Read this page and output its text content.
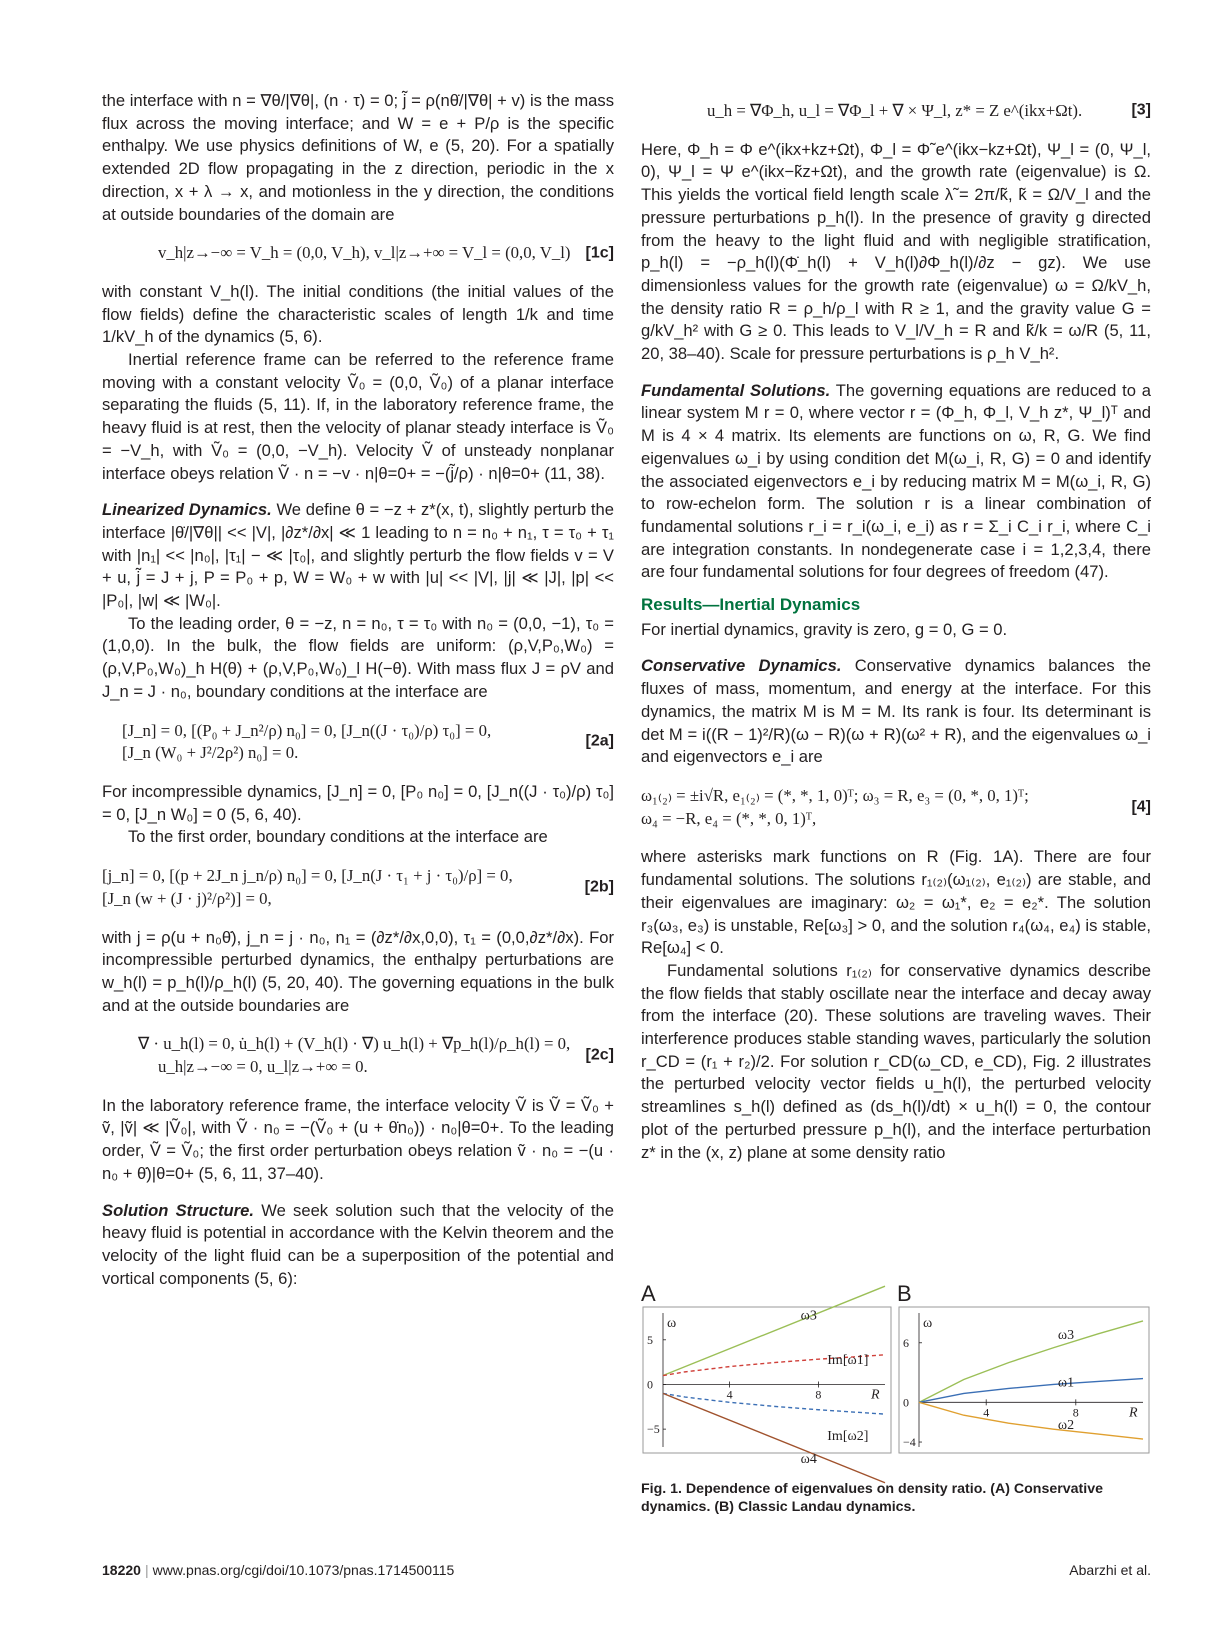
the interface with n = ∇θ/|∇θ|, (n · τ) = 0; j̃ = ρ(nθ̇/|∇θ| + v) is the mass flux across the moving interface; and W = e + P/ρ is the specific enthalpy. We use physics definitions of W, e (5, 20). For a spatially extended 2D flow propagating in the z direction, periodic in the x direction, x + λ → x, and motionless in the y direction, the conditions at outside boundaries of the domain are

v_h|z→−∞ = V_h = (0,0, V_h), v_l|z→+∞ = V_l = (0,0, V_l) [1c]

with constant V_h(l). The initial conditions (the initial values of the flow fields) define the characteristic scales of length 1/k and time 1/kV_h of the dynamics (5, 6).

Inertial reference frame can be referred to the reference frame moving with a constant velocity Ṽ₀ = (0,0, Ṽ₀) of a planar interface separating the fluids (5, 11). If, in the laboratory reference frame, the heavy fluid is at rest, then the velocity of planar steady interface is Ṽ₀ = −V_h, with Ṽ₀ = (0,0, −V_h). Velocity Ṽ of unsteady nonplanar interface obeys relation Ṽ · n = −v · n|θ=0+ = −(j̃/ρ) · n|θ=0+ (11, 38).

Linearized Dynamics. We define θ = −z + z*(x, t), slightly perturb the interface |θ̇/|∇θ|| << |V|, |∂z*/∂x| ≪ 1 leading to n = n₀ + n₁, τ = τ₀ + τ₁ with |n₁| << |n₀|, |τ₁| − ≪ |τ₀|, and slightly perturb the flow fields v = V + u, j̃ = J + j, P = P₀ + p, W = W₀ + w with |u| << |V|, |j| ≪ |J|, |p| << |P₀|, |w| ≪ |W₀|.

To the leading order, θ = −z, n = n₀, τ = τ₀ with n₀ = (0,0, −1), τ₀ = (1,0,0). In the bulk, the flow fields are uniform: (ρ,V,P₀,W₀) = (ρ,V,P₀,W₀)_h H(θ) + (ρ,V,P₀,W₀)_l H(−θ). With mass flux J = ρV and J_n = J · n₀, boundary conditions at the interface are

[J_n] = 0, [(P₀ + J_n²/ρ) n₀] = 0, [J_n((J · τ₀)/ρ) τ₀] = 0,
[J_n (W₀ + J²/2ρ²) n₀] = 0.
[2a]

For incompressible dynamics, [J_n] = 0, [P₀ n₀] = 0, [J_n((J · τ₀)/ρ) τ₀] = 0, [J_n W₀] = 0 (5, 6, 40).

To the first order, boundary conditions at the interface are

[j_n] = 0, [(p + 2J_n j_n/ρ) n₀] = 0, [J_n(J · τ₁ + j · τ₀)/ρ] = 0,
[J_n (w + (J · j)²/ρ²)] = 0,
[2b]

with j = ρ(u + n₀θ̇), j_n = j · n₀, n₁ = (∂z*/∂x,0,0), τ₁ = (0,0,∂z*/∂x). For incompressible perturbed dynamics, the enthalpy perturbations are w_h(l) = p_h(l)/ρ_h(l) (5, 20, 40). The governing equations in the bulk and at the outside boundaries are

∇ · u_h(l) = 0, u̇_h(l) + (V_h(l) · ∇) u_h(l) + ∇p_h(l)/ρ_h(l) = 0,
u_h|z→−∞ = 0, u_l|z→+∞ = 0.
[2c]

In the laboratory reference frame, the interface velocity Ṽ is Ṽ = Ṽ₀ + ṽ, |ṽ| ≪ |Ṽ₀|, with Ṽ · n₀ = −(Ṽ₀ + (u + θ̇n₀)) · n₀|θ=0+. To the leading order, Ṽ = Ṽ₀; the first order perturbation obeys relation ṽ · n₀ = −(u · n₀ + θ̇)|θ=0+ (5, 6, 11, 37–40).

Solution Structure. We seek solution such that the velocity of the heavy fluid is potential in accordance with the Kelvin theorem and the velocity of the light fluid can be a superposition of the potential and vortical components (5, 6):

u_h = ∇Φ_h, u_l = ∇Φ_l + ∇ × Ψ_l, z* = Z e^(ikx+Ωt).	[3]

Here, Φ_h = Φ e^(ikx+kz+Ωt), Φ_l = Φ̃ e^(ikx−kz+Ωt), Ψ_l = (0, Ψ_l, 0), Ψ_l = Ψ e^(ikx−k̃z+Ωt), and the growth rate (eigenvalue) is Ω. This yields the vortical field length scale λ̃ = 2π/k̃, k̃ = Ω/V_l and the pressure perturbations p_h(l). In the presence of gravity g directed from the heavy to the light fluid and with negligible stratification, p_h(l) = −ρ_h(l)(Φ̇_h(l) + V_h(l)∂Φ_h(l)/∂z − gz). We use dimensionless values for the growth rate (eigenvalue) ω = Ω/kV_h, the density ratio R = ρ_h/ρ_l with R ≥ 1, and the gravity value G = g/kV_h² with G ≥ 0. This leads to V_l/V_h = R and k̃/k = ω/R (5, 11, 20, 38–40). Scale for pressure perturbations is ρ_h V_h².

Fundamental Solutions. The governing equations are reduced to a linear system M r = 0, where vector r = (Φ_h, Φ_l, V_h z*, Ψ_l)ᵀ and M is 4 × 4 matrix. Its elements are functions on ω, R, G. We find eigenvalues ω_i by using condition det M(ω_i, R, G) = 0 and identify the associated eigenvectors e_i by reducing matrix M = M(ω_i, R, G) to row-echelon form. The solution r is a linear combination of fundamental solutions r_i = r_i(ω_i, e_i) as r = Σ_i C_i r_i, where C_i are integration constants. In nondegenerate case i = 1,2,3,4, there are four fundamental solutions for four degrees of freedom (47).

Results—Inertial Dynamics

For inertial dynamics, gravity is zero, g = 0, G = 0.

Conservative Dynamics. Conservative dynamics balances the fluxes of mass, momentum, and energy at the interface. For this dynamics, the matrix M is M = M. Its rank is four. Its determinant is det M = i((R − 1)²/R)(ω − R)(ω + R)(ω² + R), and the eigenvalues ω_i and eigenvectors e_i are

ω₁₍₂₎ = ±i√R, e₁₍₂₎ = (*, *, 1, 0)ᵀ; ω₃ = R, e₃ = (0, *, 0, 1)ᵀ;
ω₄ = −R, e₄ = (*, *, 0, 1)ᵀ,
[4]

where asterisks mark functions on R (Fig. 1A). There are four fundamental solutions. The solutions r₁₍₂₎(ω₁₍₂₎, e₁₍₂₎) are stable, and their eigenvalues are imaginary: ω₂ = ω₁*, e₂ = e₂*. The solution r₃(ω₃, e₃) is unstable, Re[ω₃] > 0, and the solution r₄(ω₄, e₄) is stable, Re[ω₄] < 0.

Fundamental solutions r₁₍₂₎ for conservative dynamics describe the flow fields that stably oscillate near the interface and decay away from the interface (20). These solutions are traveling waves. Their interference produces stable standing waves, particularly the solution r_CD = (r₁ + r₂)/2. For solution r_CD(ω_CD, e_CD), Fig. 2 illustrates the perturbed velocity vector fields u_h(l), the perturbed velocity streamlines s_h(l) defined as (ds_h(l)/dt) × u_h(l) = 0, the contour plot of the perturbed pressure p_h(l), and the interface perturbation z* in the (x, z) plane at some density ratio

A	B
4	8
5
0
−5
ω
R
ω3
Im[ω1]
Im[ω2]
ω4
4	8
6
0
−4
ω
R
ω3
ω1
ω2
Fig. 1. Dependence of eigenvalues on density ratio. (A) Conservative dynamics. (B) Classic Landau dynamics.
18220 | www.pnas.org/cgi/doi/10.1073/pnas.1714500115	Abarzhi et al.
